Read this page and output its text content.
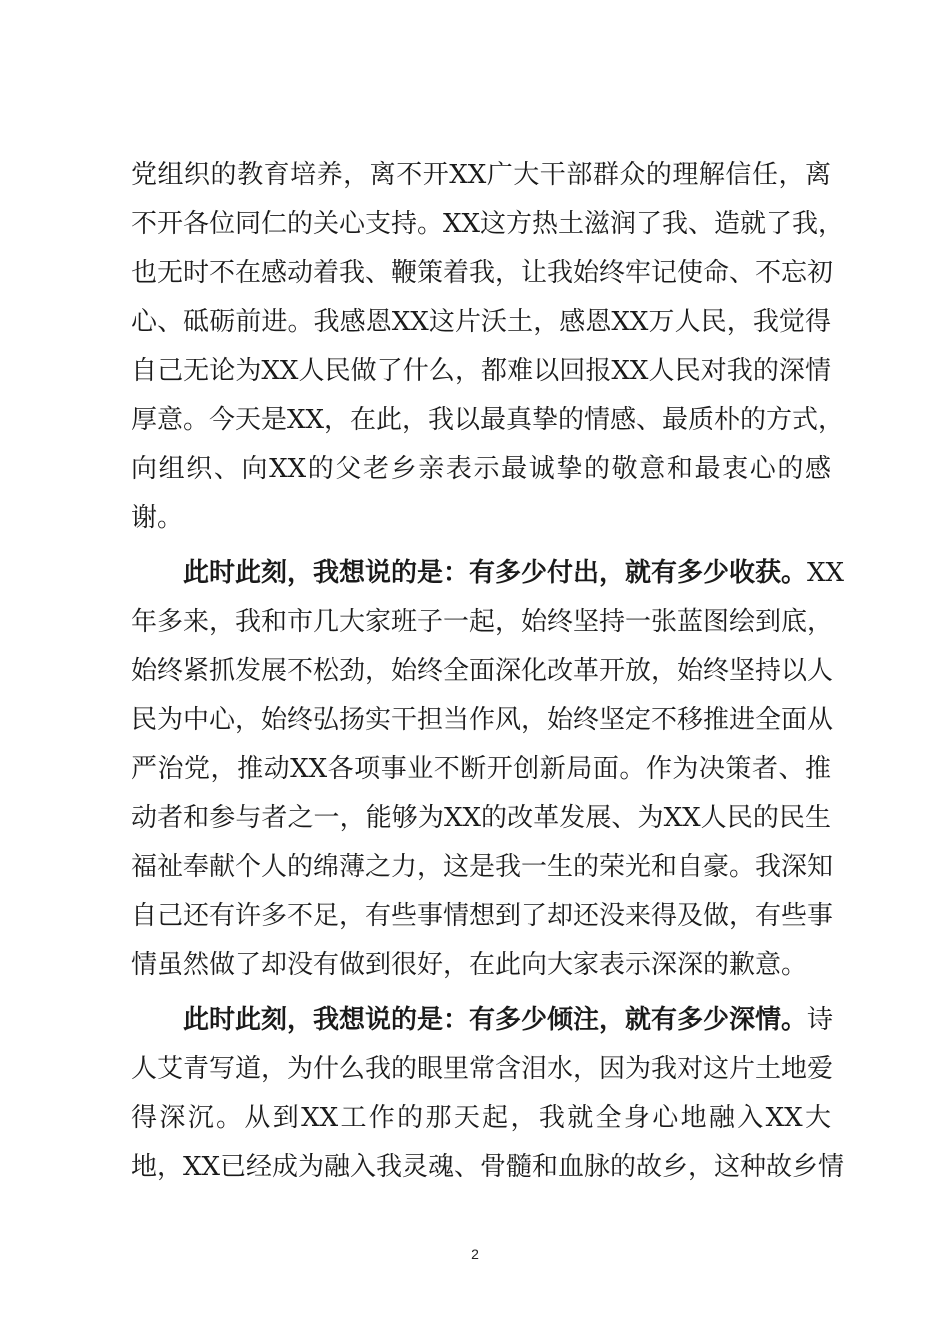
党组织的教育培养，离不开XX广大干部群众的理解信任，离
不开各位同仁的关心支持。XX这方热土滋润了我、造就了我，
也无时不在感动着我、鞭策着我，让我始终牢记使命、不忘初
心、砥砺前进。我感恩XX这片沃土，感恩XX万人民，我觉得
自己无论为XX人民做了什么，都难以回报XX人民对我的深情
厚意。今天是XX，在此，我以最真挚的情感、最质朴的方式，
向组织、向XX的父老乡亲表示最诚挚的敬意和最衷心的感
谢。
此时此刻，我想说的是：有多少付出，就有多少收获。XX
年多来，我和市几大家班子一起，始终坚持一张蓝图绘到底，
始终紧抓发展不松劲，始终全面深化改革开放，始终坚持以人
民为中心，始终弘扬实干担当作风，始终坚定不移推进全面从
严治党，推动XX各项事业不断开创新局面。作为决策者、推
动者和参与者之一，能够为XX的改革发展、为XX人民的民生
福祉奉献个人的绵薄之力，这是我一生的荣光和自豪。我深知
自己还有许多不足，有些事情想到了却还没来得及做，有些事
情虽然做了却没有做到很好，在此向大家表示深深的歉意。
此时此刻，我想说的是：有多少倾注，就有多少深情。诗
人艾青写道，为什么我的眼里常含泪水，因为我对这片土地爱
得深沉。从到XX工作的那天起，我就全身心地融入XX大
地，XX已经成为融入我灵魂、骨髓和血脉的故乡，这种故乡情
2
